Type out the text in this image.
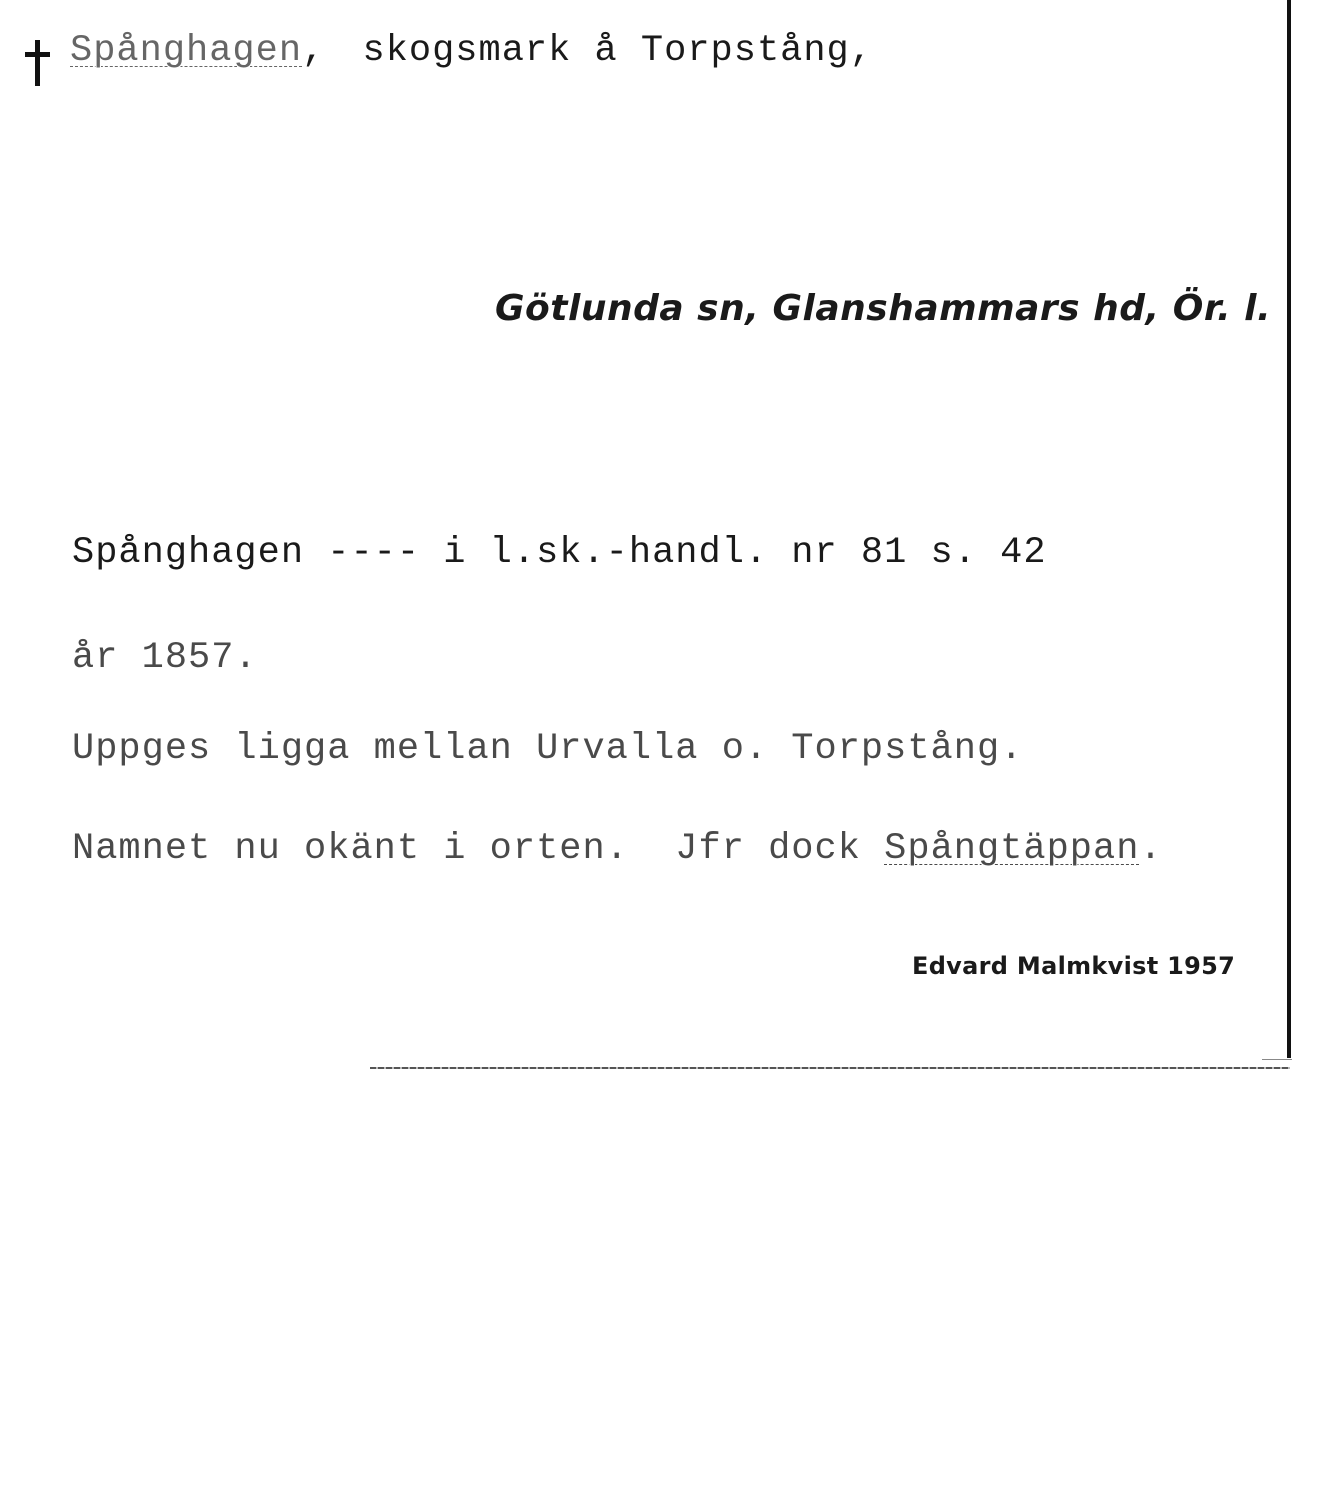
Spånghagen, skogsmark å Torpstång,
Götlunda sn, Glanshammars hd, Ör. l.
Spånghagen ---- i l.sk.-handl. nr 81 s. 42
år 1857.
Uppges ligga mellan Urvalla o. Torpstång.
Namnet nu okänt i orten.  Jfr dock Spångtäppan.
Edvard Malmkvist 1957
